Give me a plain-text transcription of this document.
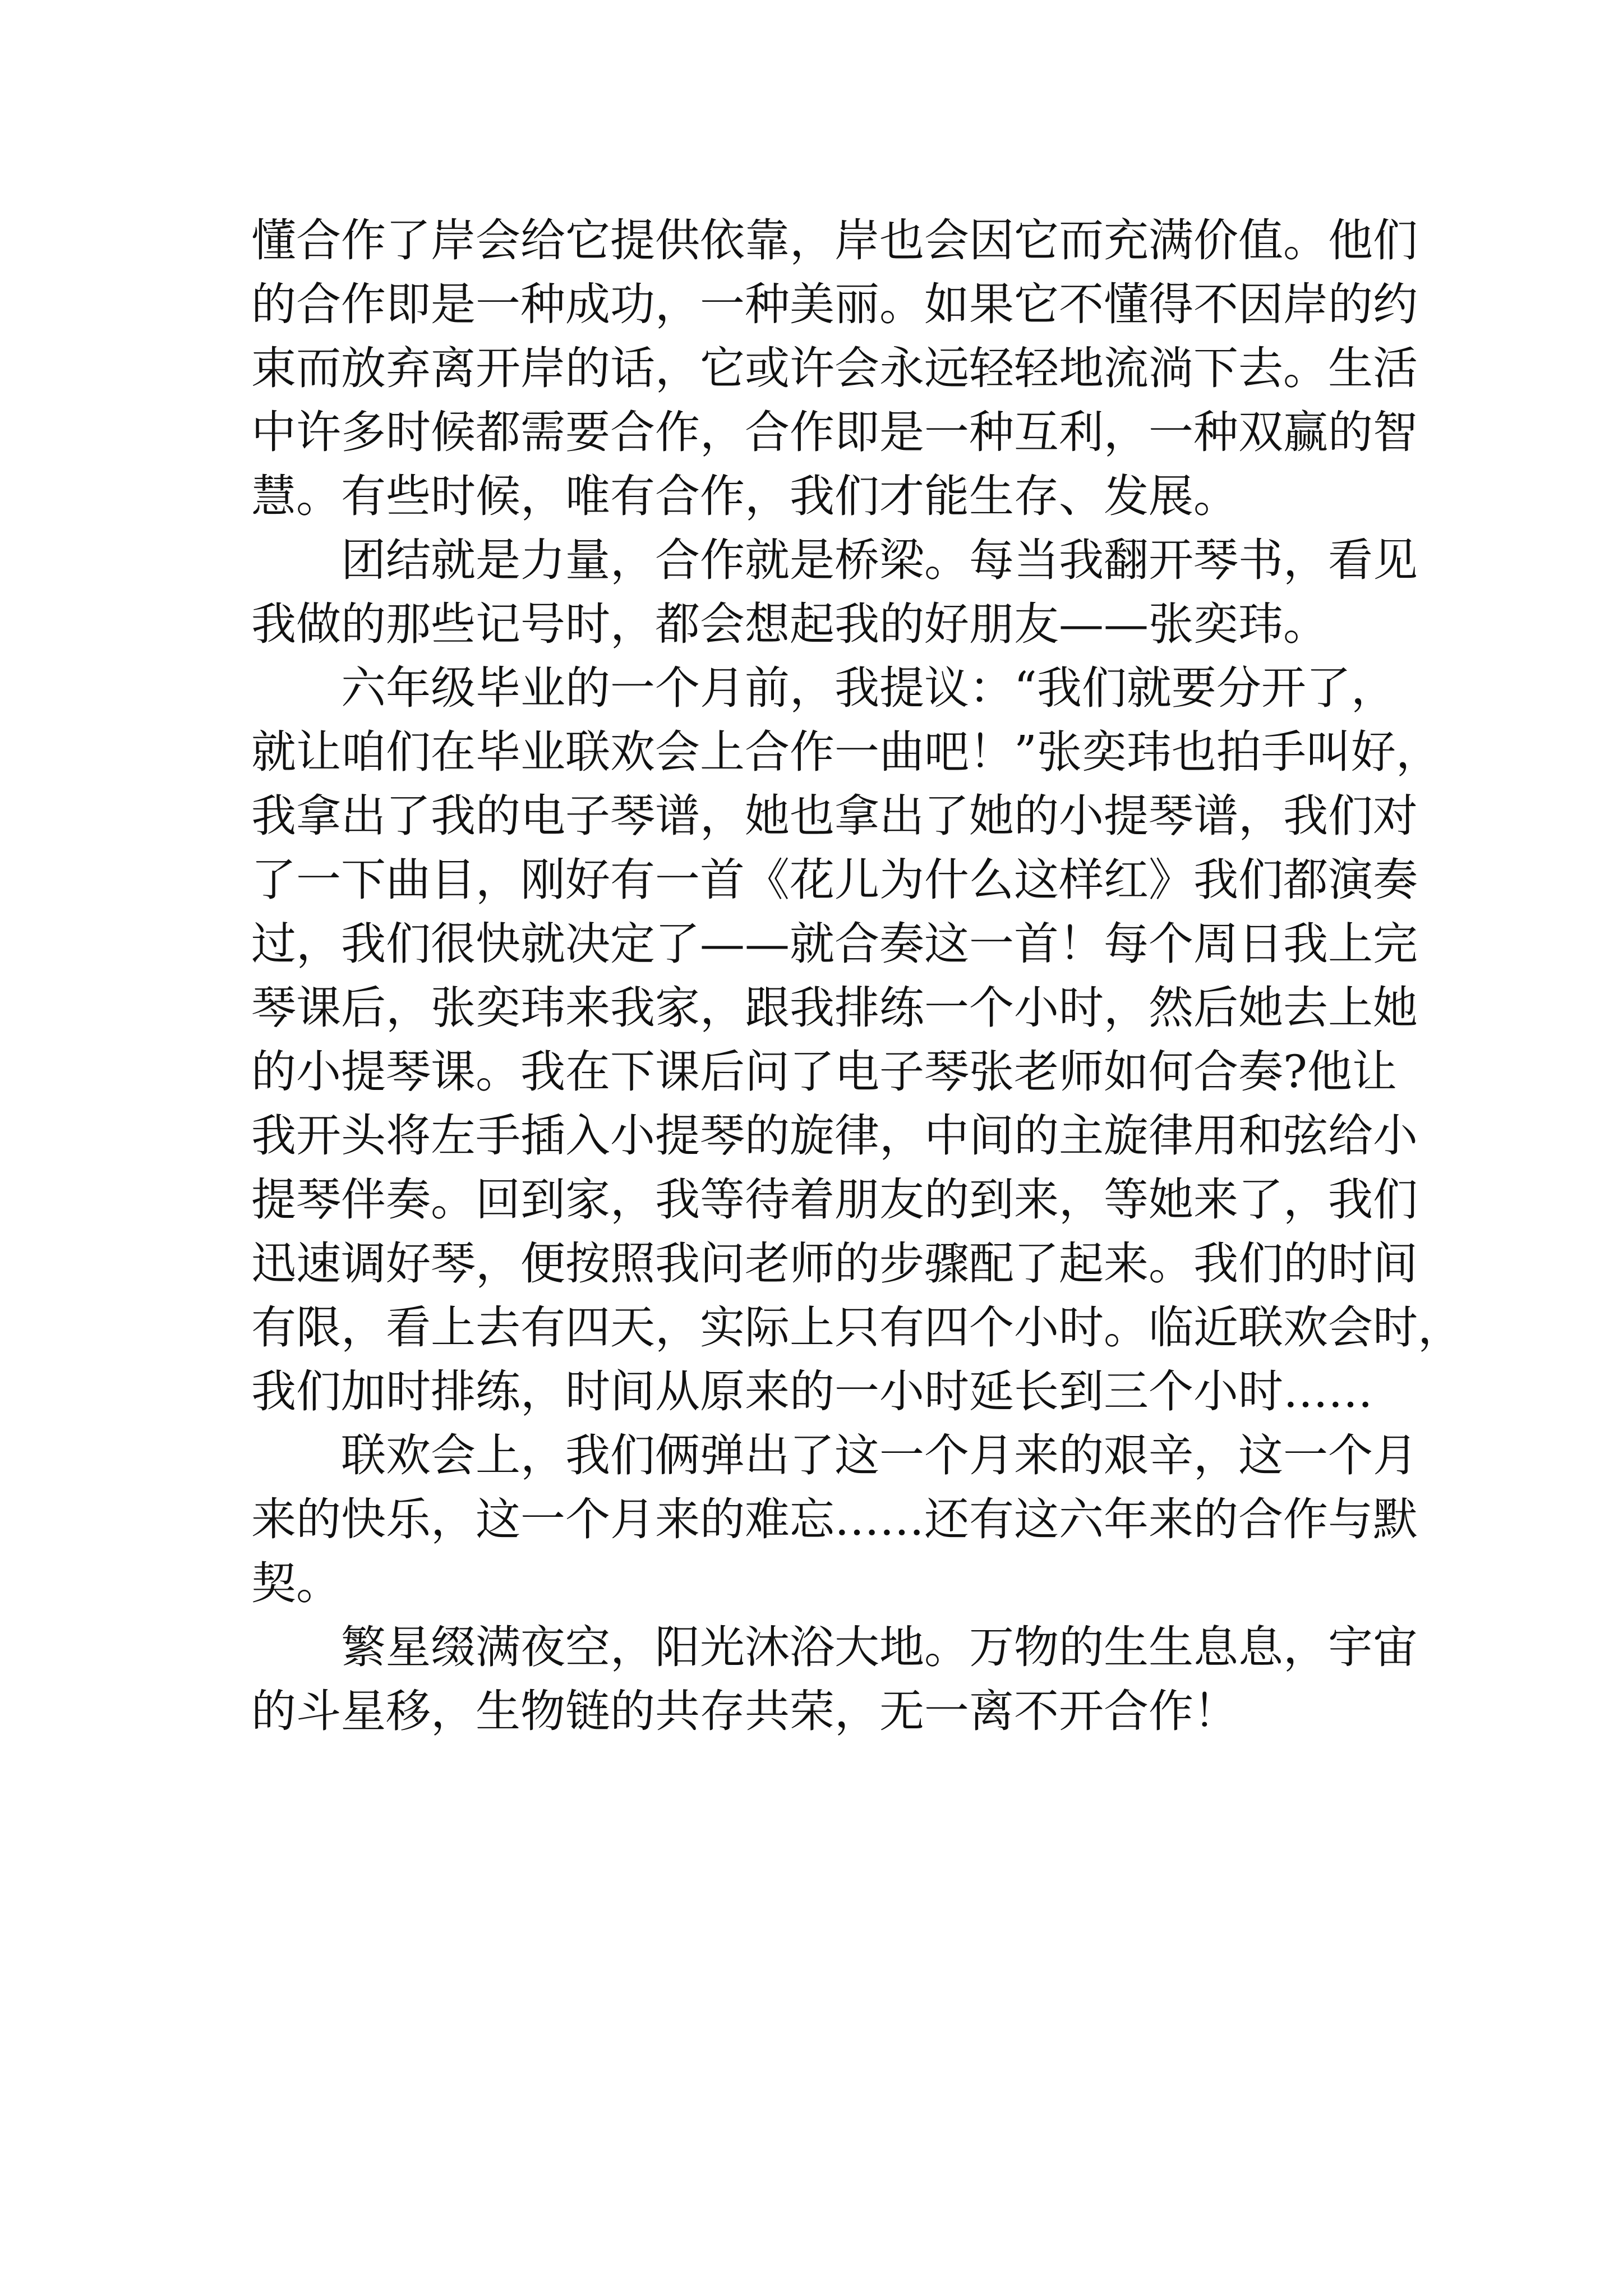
懂合作了岸会给它提供依靠，岸也会因它而充满价值。他们
的合作即是一种成功，一种美丽。如果它不懂得不因岸的约
束而放弃离开岸的话，它或许会永远轻轻地流淌下去。生活
中许多时候都需要合作，合作即是一种互利，一种双赢的智
慧。有些时候，唯有合作，我们才能生存、发展。
　　团结就是力量，合作就是桥梁。每当我翻开琴书，看见
我做的那些记号时，都会想起我的好朋友——张奕玮。
　　六年级毕业的一个月前，我提议：“我们就要分开了，
就让咱们在毕业联欢会上合作一曲吧！”张奕玮也拍手叫好，
我拿出了我的电子琴谱，她也拿出了她的小提琴谱，我们对
了一下曲目，刚好有一首《花儿为什么这样红》我们都演奏
过，我们很快就决定了——就合奏这一首！每个周日我上完
琴课后，张奕玮来我家，跟我排练一个小时，然后她去上她
的小提琴课。我在下课后问了电子琴张老师如何合奏?他让
我开头将左手插入小提琴的旋律，中间的主旋律用和弦给小
提琴伴奏。回到家，我等待着朋友的到来，等她来了，我们
迅速调好琴，便按照我问老师的步骤配了起来。我们的时间
有限，看上去有四天，实际上只有四个小时。临近联欢会时，
我们加时排练，时间从原来的一小时延长到三个小时……
　　联欢会上，我们俩弹出了这一个月来的艰辛，这一个月
来的快乐，这一个月来的难忘……还有这六年来的合作与默
契。
　　繁星缀满夜空，阳光沐浴大地。万物的生生息息，宇宙
的斗星移，生物链的共存共荣，无一离不开合作！
